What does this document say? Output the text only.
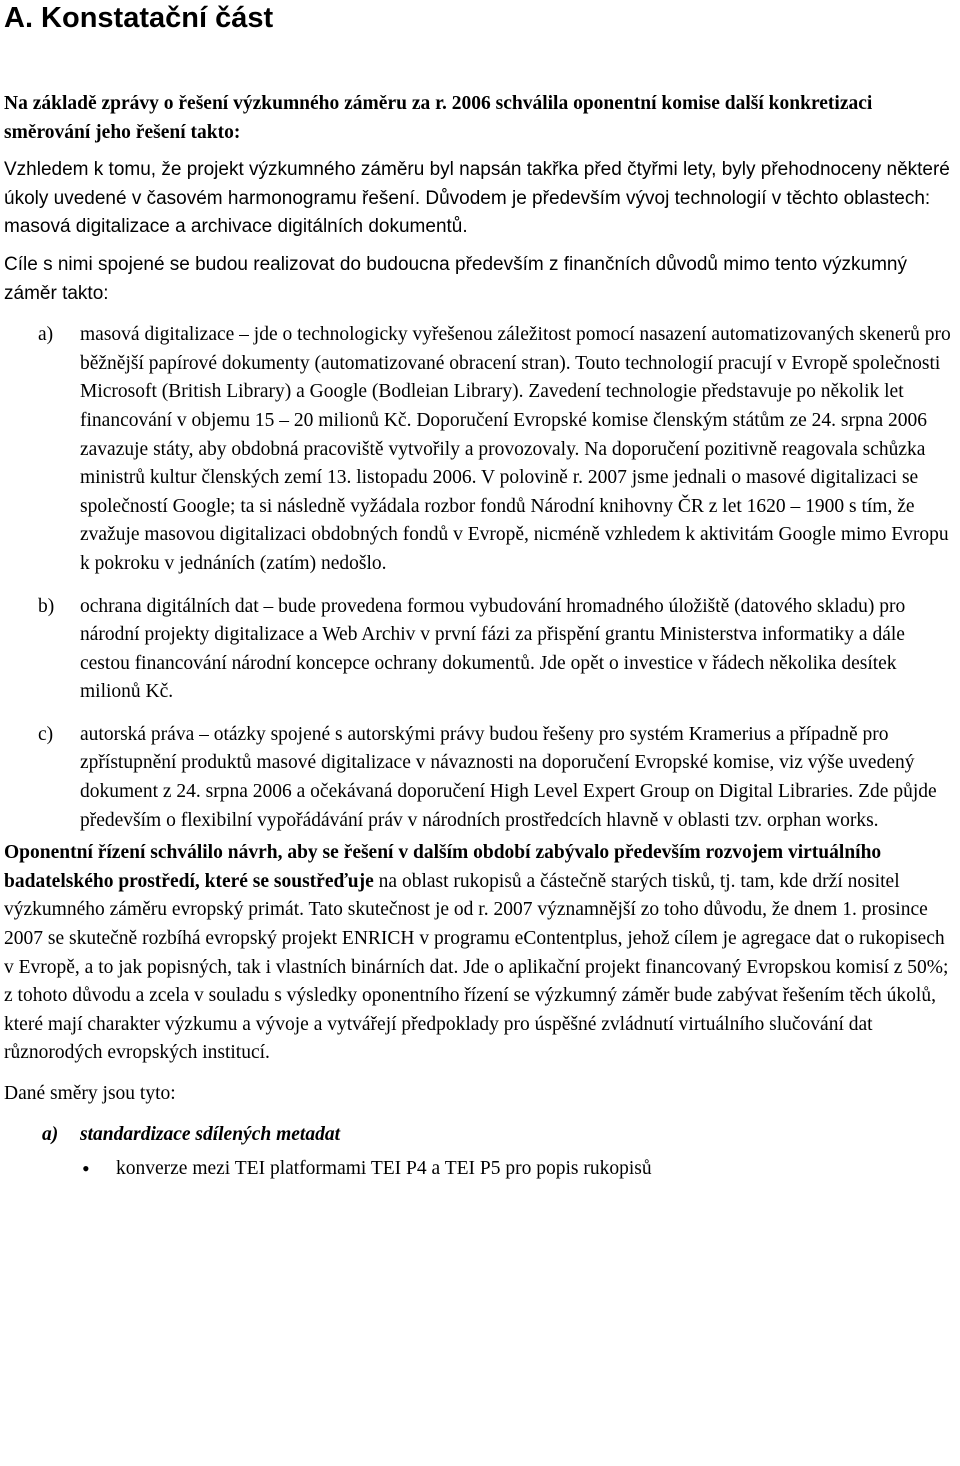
A. Konstatační část

Na základě zprávy o řešení výzkumného záměru za r. 2006 schválila oponentní komise další konkretizaci směrování jeho řešení takto:

Vzhledem k tomu, že projekt výzkumného záměru byl napsán takřka před čtyřmi lety, byly přehodnoceny některé úkoly uvedené v časovém harmonogramu řešení. Důvodem je především vývoj technologií v těchto oblastech: masová digitalizace a archivace digitálních dokumentů.

Cíle s nimi spojené se budou realizovat do budoucna především z finančních důvodů mimo tento výzkumný záměr takto:

a)	masová digitalizace – jde o technologicky vyřešenou záležitost pomocí nasazení automatizovaných skenerů pro běžnější papírové dokumenty (automatizované obracení stran). Touto technologií pracují v Evropě společnosti Microsoft (British Library) a Google (Bodleian Library). Zavedení technologie představuje po několik let financování v objemu 15 – 20 milionů Kč. Doporučení Evropské komise členským státům ze 24. srpna 2006 zavazuje státy, aby obdobná pracoviště vytvořily a provozovaly. Na doporučení pozitivně reagovala schůzka ministrů kultur členských zemí 13. listopadu 2006. V polovině r. 2007 jsme jednali o masové digitalizaci se společností Google; ta si následně vyžádala rozbor fondů Národní knihovny ČR z let 1620 – 1900 s tím, že zvažuje masovou digitalizaci obdobných fondů v Evropě, nicméně vzhledem k aktivitám Google mimo Evropu k pokroku v jednáních (zatím) nedošlo.
b)	ochrana digitálních dat – bude provedena formou vybudování hromadného úložiště (datového skladu) pro národní projekty digitalizace a Web Archiv v první fázi za přispění grantu Ministerstva informatiky a dále cestou financování národní koncepce ochrany dokumentů. Jde opět o investice v řádech několika desítek milionů Kč.
c)	autorská práva – otázky spojené s autorskými právy budou řešeny pro systém Kramerius a případně pro zpřístupnění produktů masové digitalizace v návaznosti na doporučení Evropské komise, viz výše uvedený dokument z 24. srpna 2006 a očekávaná doporučení High Level Expert Group on Digital Libraries. Zde půjde především o flexibilní vypořádávání práv v národních prostředcích hlavně v oblasti tzv. orphan works.

Oponentní řízení schválilo návrh, aby se řešení v dalším období zabývalo především rozvojem virtuálního badatelského prostředí, které se soustřeďuje na oblast rukopisů a částečně starých tisků, tj. tam, kde drží nositel výzkumného záměru evropský primát. Tato skutečnost je od r. 2007 významnější zo toho důvodu, že dnem 1. prosince 2007 se skutečně rozbíhá evropský projekt ENRICH v programu eContentplus, jehož cílem je agregace dat o rukopisech v Evropě, a to jak popisných, tak i vlastních binárních dat. Jde o aplikační projekt financovaný Evropskou komisí z 50%; z tohoto důvodu a zcela v souladu s výsledky oponentního řízení se výzkumný záměr bude zabývat řešením těch úkolů, které mají charakter výzkumu a vývoje a vytvářejí předpoklady pro úspěšné zvládnutí virtuálního slučování dat různorodých evropských institucí.

Dané směry jsou tyto:

a)	standardizace sdílených metadat
•	konverze mezi TEI platformami TEI P4 a TEI P5 pro popis rukopisů
